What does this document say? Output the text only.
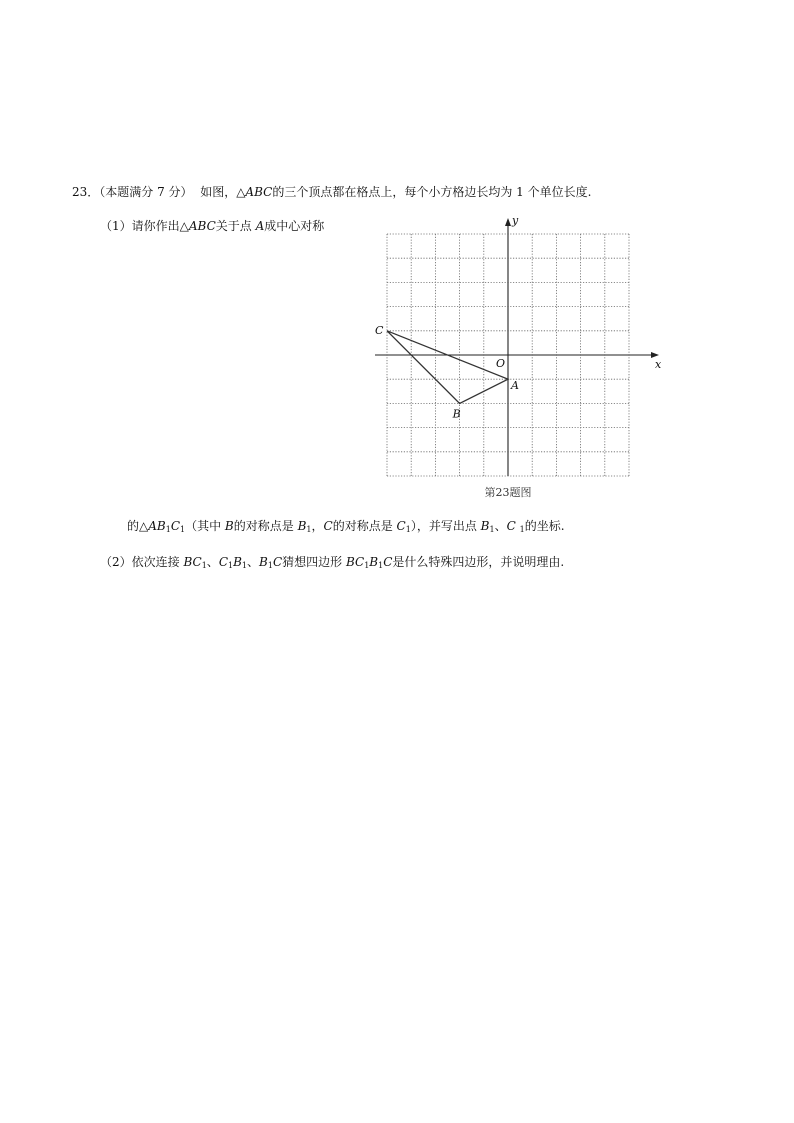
23．（本题满分 7 分） 如图，△ABC的三个顶点都在格点上，每个小方格边长均为 1 个单位长度.
（1）请你作出△ABC关于点 A成中心对称
的$\triangle AB_1C_1$（其中 B的对称点是 $B_1$，C的对称点是 $C_1$），并写出点 $B_1$、C $_1$的坐标.
（2）依次连接 $BC_1$、$C_1B_1$、$B_1C$猜想四边形 $BC_1B_1C$是什么特殊四边形，并说明理由.
x
y
O
A
B
C
第23题图
